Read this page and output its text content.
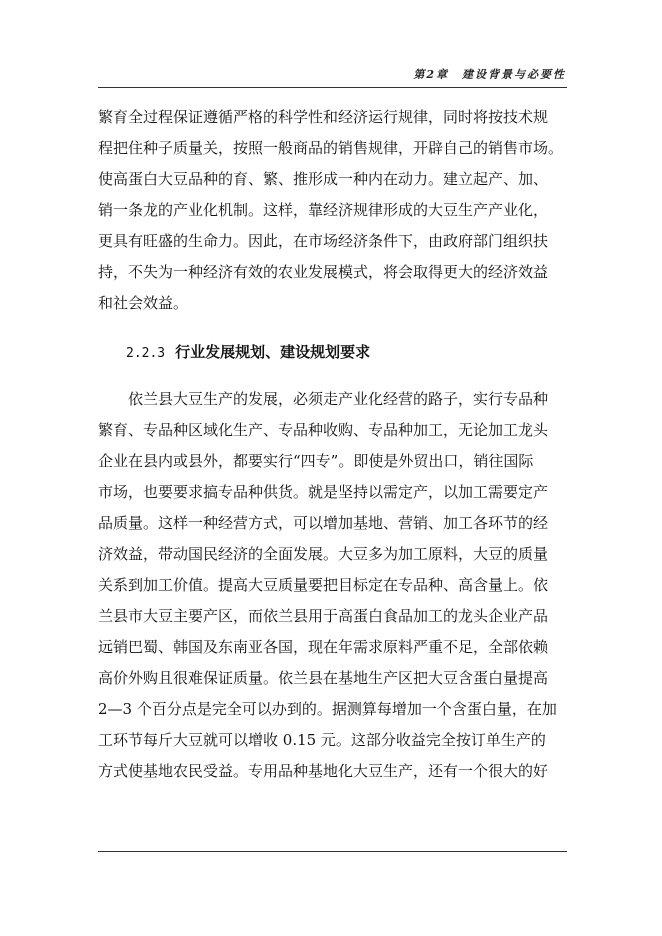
第2章　建设背景与必要性
繁育全过程保证遵循严格的科学性和经济运行规律，同时将按技术规
程把住种子质量关，按照一般商品的销售规律，开辟自己的销售市场。
使高蛋白大豆品种的育、繁、推形成一种内在动力。建立起产、加、
销一条龙的产业化机制。这样，靠经济规律形成的大豆生产产业化，
更具有旺盛的生命力。因此，在市场经济条件下，由政府部门组织扶
持，不失为一种经济有效的农业发展模式，将会取得更大的经济效益
和社会效益。
2.2.3 行业发展规划、建设规划要求
依兰县大豆生产的发展，必须走产业化经营的路子，实行专品种
繁育、专品种区域化生产、专品种收购、专品种加工，无论加工龙头
企业在县内或县外，都要实行“四专”。即使是外贸出口，销往国际
市场，也要要求搞专品种供货。就是坚持以需定产，以加工需要定产
品质量。这样一种经营方式，可以增加基地、营销、加工各环节的经
济效益，带动国民经济的全面发展。大豆多为加工原料，大豆的质量
关系到加工价值。提高大豆质量要把目标定在专品种、高含量上。依
兰县市大豆主要产区，而依兰县用于高蛋白食品加工的龙头企业产品
远销巴蜀、韩国及东南亚各国，现在年需求原料严重不足，全部依赖
高价外购且很难保证质量。依兰县在基地生产区把大豆含蛋白量提高
2—3 个百分点是完全可以办到的。据测算每增加一个含蛋白量，在加
工环节每斤大豆就可以增收 0.15 元。这部分收益完全按订单生产的
方式使基地农民受益。专用品种基地化大豆生产，还有一个很大的好
